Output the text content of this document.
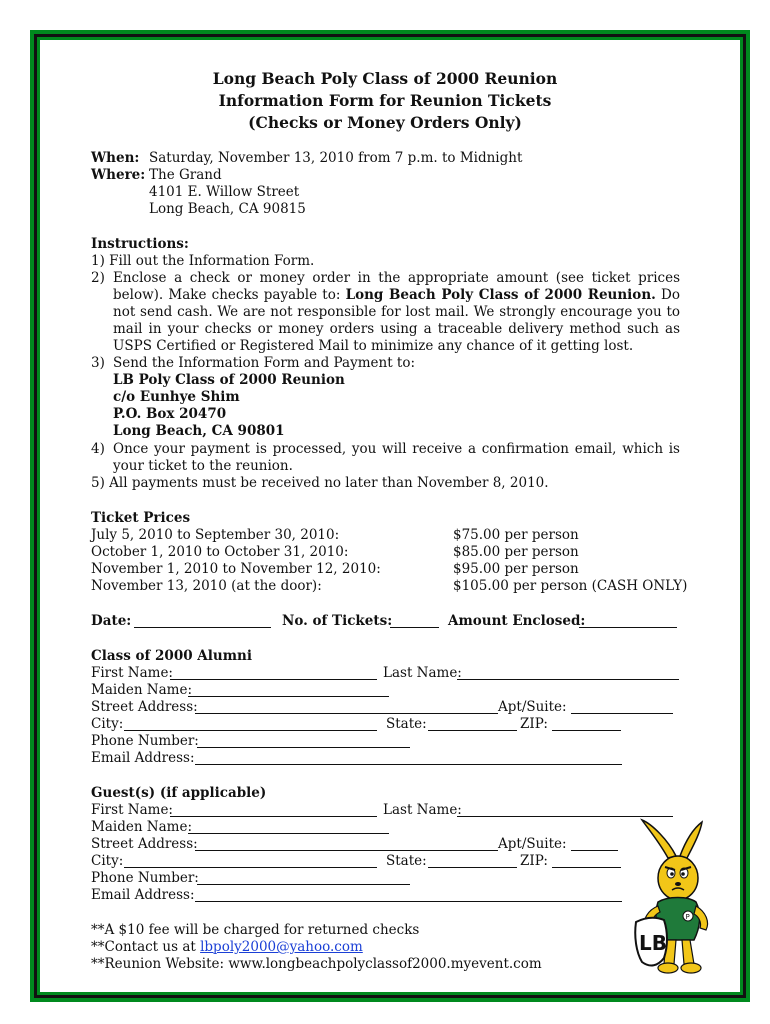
Long Beach Poly Class of 2000 Reunion
Information Form for Reunion Tickets
(Checks or Money Orders Only)
When: Saturday, November 13, 2010 from 7 p.m. to Midnight
Where: The Grand
4101 E. Willow Street
Long Beach, CA 90815
Instructions:
1) Fill out the Information Form.
2) Enclose a check or money order in the appropriate amount (see ticket prices
below). Make checks payable to: Long Beach Poly Class of 2000 Reunion. Do
not send cash. We are not responsible for lost mail. We strongly encourage you to
mail in your checks or money orders using a traceable delivery method such as
USPS Certified or Registered Mail to minimize any chance of it getting lost.
3) Send the Information Form and Payment to:
LB Poly Class of 2000 Reunion
c/o Eunhye Shim
P.O. Box 20470
Long Beach, CA 90801
4) Once your payment is processed, you will receive a confirmation email, which is
your ticket to the reunion.
5) All payments must be received no later than November 8, 2010.
Ticket Prices
July 5, 2010 to September 30, 2010:	$75.00 per person
October 1, 2010 to October 31, 2010:	$85.00 per person
November 1, 2010 to November 12, 2010:	$95.00 per person
November 13, 2010 (at the door):	$105.00 per person (CASH ONLY)
Date:	No. of Tickets:	Amount Enclosed:
Class of 2000 Alumni
First Name:	Last Name:
Maiden Name:
Street Address:	Apt/Suite:
City:	State:	ZIP:
Phone Number:
Email Address:
Guest(s) (if applicable)
First Name:	Last Name:
Maiden Name:
Street Address:	Apt/Suite:
City:	State:	ZIP:
Phone Number:
Email Address:
**A $10 fee will be charged for returned checks
**Contact us at lbpoly2000@yahoo.com
**Reunion Website: www.longbeachpolyclassof2000.myevent.com
P
LB
